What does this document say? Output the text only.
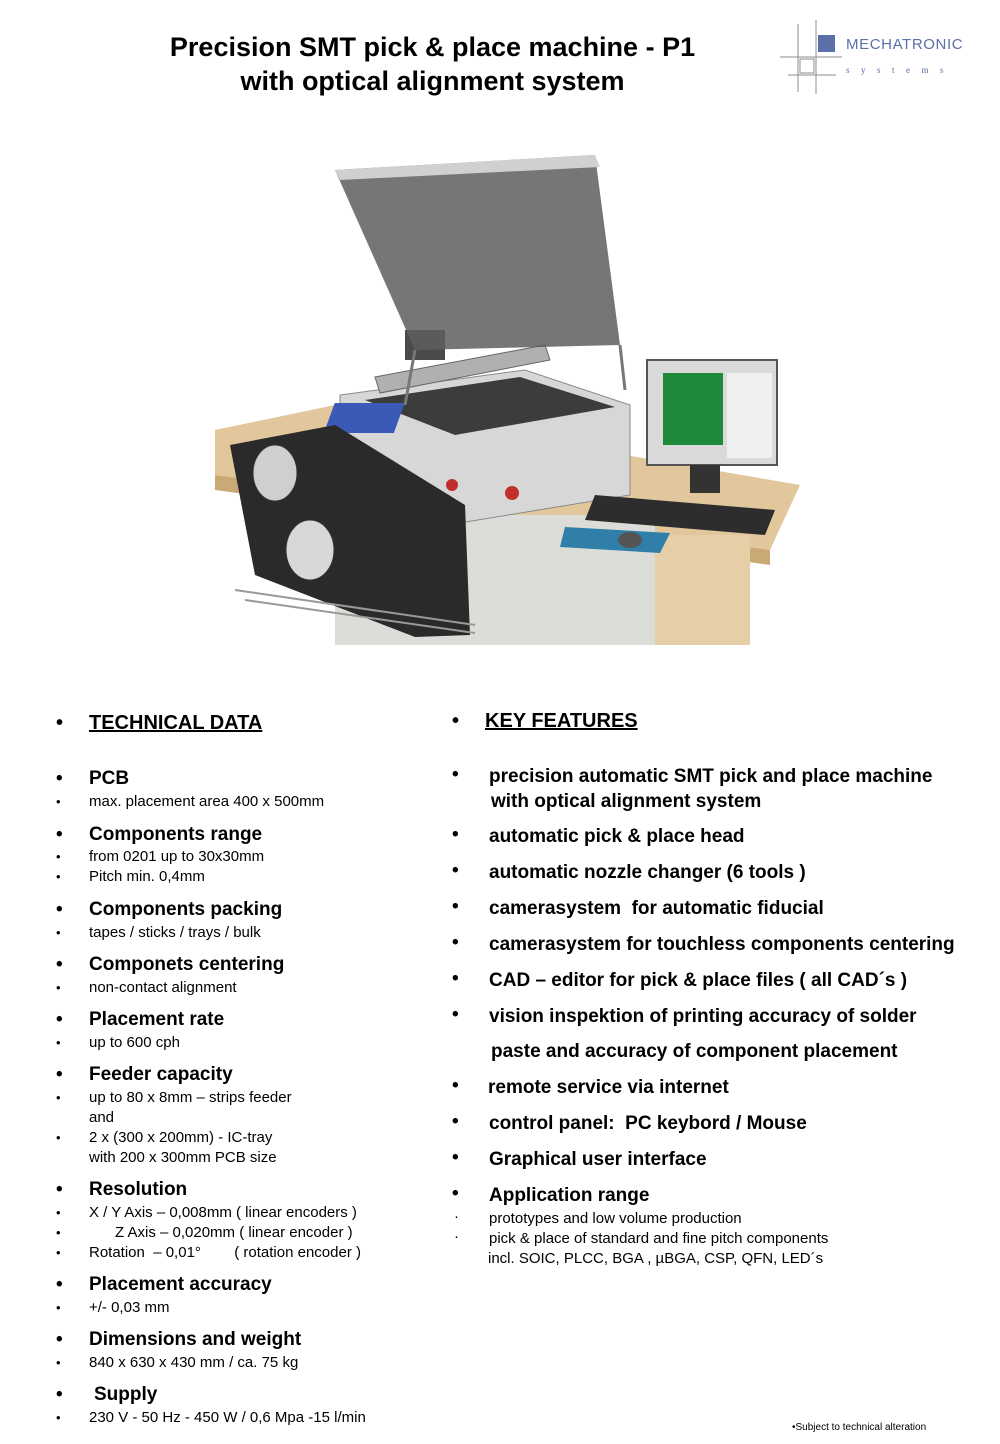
Precision SMT pick & place machine - P1
with optical alignment system
MECHATRONIC
systems
• TECHNICAL DATA
• PCB
• max. placement area 400 x 500mm
• Components range
• from 0201 up to 30x30mm
• Pitch min. 0,4mm
• Components packing
• tapes / sticks / trays / bulk
• Componets centering
• non-contact alignment
• Placement rate
• up to 600 cph
• Feeder capacity
• up to 80 x 8mm – strips feeder
and
• 2 x (300 x 200mm) - IC-tray
with 200 x 300mm PCB size
• Resolution
• X / Y Axis – 0,008mm ( linear encoders )
•	Z Axis – 0,020mm ( linear encoder )
• Rotation  – 0,01°        ( rotation encoder )
• Placement accuracy
• +/- 0,03 mm
• Dimensions and weight
• 840 x 630 x 430 mm / ca. 75 kg
• Supply
• 230 V - 50 Hz - 450 W / 0,6 Mpa -15 l/min
• KEY FEATURES
• precision automatic SMT pick and place machine
with optical alignment system
• automatic pick & place head
• automatic nozzle changer (6 tools )
• camerasystem  for automatic fiducial
• camerasystem for touchless components centering
• CAD – editor for pick & place files ( all CAD´s )
• vision inspektion of printing accuracy of solder
paste and accuracy of component placement
• remote service via internet
• control panel:  PC keybord / Mouse
• Graphical user interface
• Application range
· prototypes and low volume production
· pick & place of standard and fine pitch components
incl. SOIC, PLCC, BGA , µBGA, CSP, QFN, LED´s
•Subject to technical alteration
